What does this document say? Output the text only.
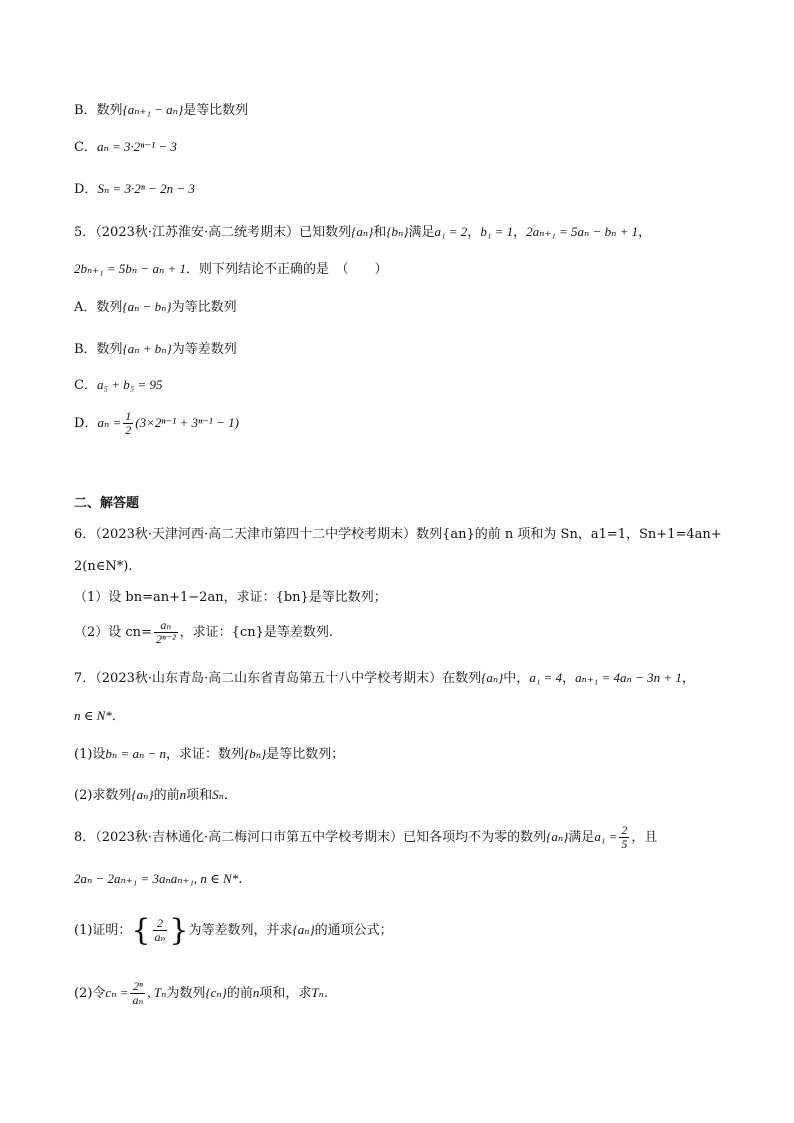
B．数列{aₙ₊₁ − aₙ}是等比数列
C．aₙ = 3·2ⁿ⁻¹ − 3
D．Sₙ = 3·2ⁿ − 2n − 3
5．（2023秋·江苏淮安·高二统考期末）已知数列{aₙ}和{bₙ}满足a₁ = 2，b₁ = 1，2aₙ₊₁ = 5aₙ − bₙ + 1，
2bₙ₊₁ = 5bₙ − aₙ + 1．则下列结论不正确的是　（　　）
A．数列{aₙ − bₙ}为等比数列
B．数列{aₙ + bₙ}为等差数列
C．a₅ + b₅ = 95
D．$a_n = \frac{1}{2} (3\times 2^{n-1} + 3^{n-1} - 1)$
二、解答题
6．（2023秋·天津河西·高二天津市第四十二中学校考期末）数列{an}的前 n 项和为 Sn，a1=1，Sn+1=4an+
2(n∈N*).
（1）设 bn=an+1−2an，求证：{bn}是等比数列；
（2）设 $cn= \frac{\text{aₙ}}{\text{2ⁿ⁻²}}$ ，求证：{cn}是等差数列.
7．（2023秋·山东青岛·高二山东省青岛第五十八中学校考期末）在数列{aₙ}中，a₁ = 4，aₙ₊₁ = 4aₙ − 3n + 1，
n ∈ N*．
(1)设bₙ = aₙ − n，求证：数列{bₙ}是等比数列；
(2)求数列{aₙ}的前n项和Sₙ．
8．（2023秋·吉林通化·高二梅河口市第五中学校考期末）已知各项均不为零的数列{aₙ}满足$a_1 = \frac{2}{5}$ ，且
2aₙ − 2aₙ₊₁ = 3aₙaₙ₊₁, n ∈ N*.
(1)证明：{ $\frac{2}{\text{aₙ}}$ }为等差数列，并求{aₙ}的通项公式；
(2)令$c_n = \frac{\text{2ⁿ}}{\text{aₙ}}$ , Tₙ为数列{cₙ}的前n项和，求Tₙ.
